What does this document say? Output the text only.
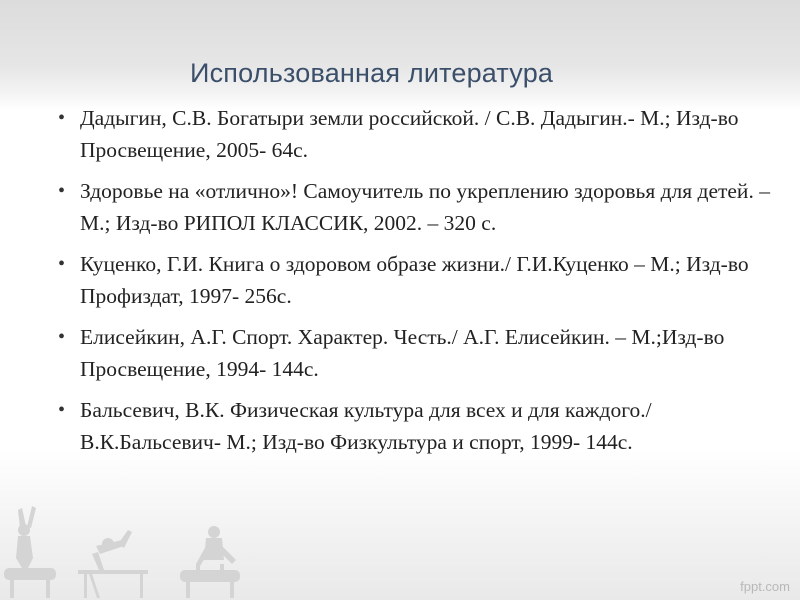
Использованная литература
• Дадыгин, С.В. Богатыри земли российской. / С.В. Дадыгин.- М.; Изд-во Просвещение, 2005- 64с.
• Здоровье на «отлично»! Самоучитель по укреплению здоровья для детей. – М.; Изд-во РИПОЛ КЛАССИК, 2002. – 320 с.
• Куценко, Г.И. Книга о здоровом образе жизни./ Г.И.Куценко – М.; Изд-во Профиздат, 1997- 256с.
• Елисейкин, А.Г. Спорт. Характер. Честь./ А.Г. Елисейкин. – М.;Изд-во Просвещение, 1994- 144с.
• Бальсевич, В.К. Физическая культура для всех и для каждого./ В.К.Бальсевич- М.; Изд-во Физкультура и спорт, 1999- 144с.
fppt.com
